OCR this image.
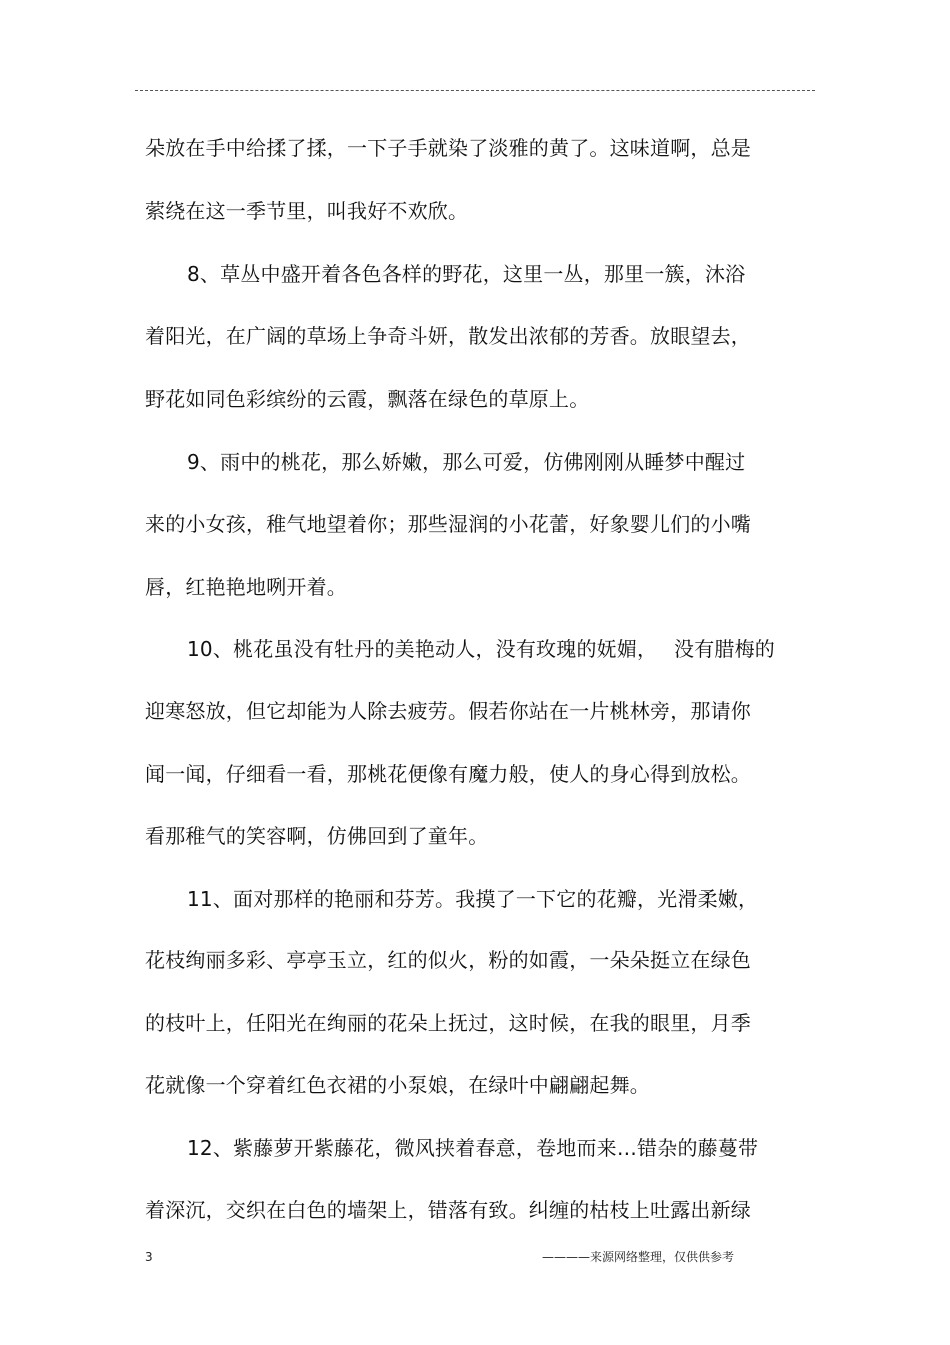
朵放在手中给揉了揉，一下子手就染了淡雅的黄了。这味道啊，总是
萦绕在这一季节里，叫我好不欢欣。
8、草丛中盛开着各色各样的野花，这里一丛，那里一簇，沐浴
着阳光，在广阔的草场上争奇斗妍，散发出浓郁的芳香。放眼望去，
野花如同色彩缤纷的云霞，飘落在绿色的草原上。
9、雨中的桃花，那么娇嫩，那么可爱，仿佛刚刚从睡梦中醒过
来的小女孩，稚气地望着你；那些湿润的小花蕾，好象婴儿们的小嘴
唇，红艳艳地咧开着。
10、桃花虽没有牡丹的美艳动人，没有玫瑰的妩媚，　 没有腊梅的
迎寒怒放，但它却能为人除去疲劳。假若你站在一片桃林旁，那请你
闻一闻，仔细看一看，那桃花便像有魔力般，使人的身心得到放松。
看那稚气的笑容啊，仿佛回到了童年。
11、面对那样的艳丽和芬芳。我摸了一下它的花瓣，光滑柔嫩，
花枝绚丽多彩、亭亭玉立，红的似火，粉的如霞，一朵朵挺立在绿色
的枝叶上，任阳光在绚丽的花朵上抚过，这时候，在我的眼里，月季
花就像一个穿着红色衣裙的小泵娘，在绿叶中翩翩起舞。
12、紫藤萝开紫藤花，微风挟着春意，卷地而来…错杂的藤蔓带
着深沉，交织在白色的墙架上，错落有致。纠缠的枯枝上吐露出新绿
3	————来源网络整理，仅供供参考
